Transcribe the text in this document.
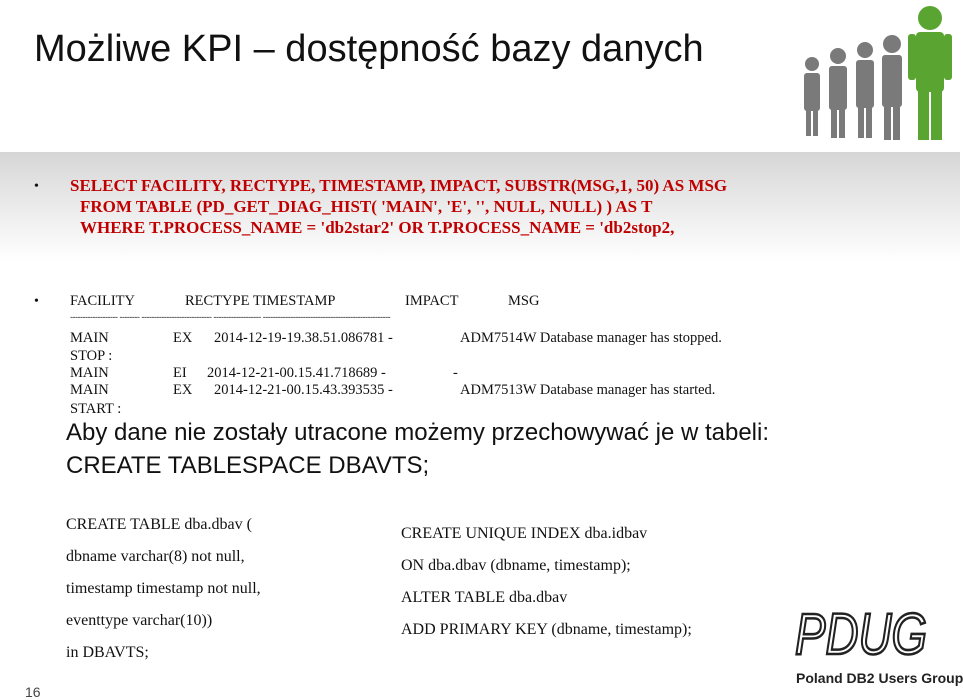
Możliwe KPI – dostępność bazy danych
• SELECT FACILITY, RECTYPE, TIMESTAMP, IMPACT, SUBSTR(MSG,1, 50) AS MSG
FROM TABLE (PD_GET_DIAG_HIST( 'MAIN', 'E', '', NULL, NULL) ) AS T
WHERE T.PROCESS_NAME = 'db2star2' OR T.PROCESS_NAME = 'db2stop2,
• FACILITY	RECTYPE TIMESTAMP	IMPACT	MSG
------------------- -------- ---------------------------- ------------------- ---------------------------------------------------
MAIN	EX 2014-12-19-19.38.51.086781 -	ADM7514W Database manager has stopped.
STOP :
MAIN	EI 2014-12-21-00.15.41.718689 -	-
MAIN	EX 2014-12-21-00.15.43.393535 -	ADM7513W Database manager has started.
START :
Aby dane nie zostały utracone możemy przechowywać je w tabeli:
CREATE TABLESPACE DBAVTS;
CREATE TABLE dba.dbav (
dbname varchar(8) not null,
timestamp timestamp not null,
eventtype varchar(10))
in DBAVTS;
CREATE UNIQUE INDEX dba.idbav
ON dba.dbav (dbname, timestamp);
ALTER TABLE dba.dbav
ADD PRIMARY KEY (dbname, timestamp); PDUG
Poland DB2 Users Group
16
